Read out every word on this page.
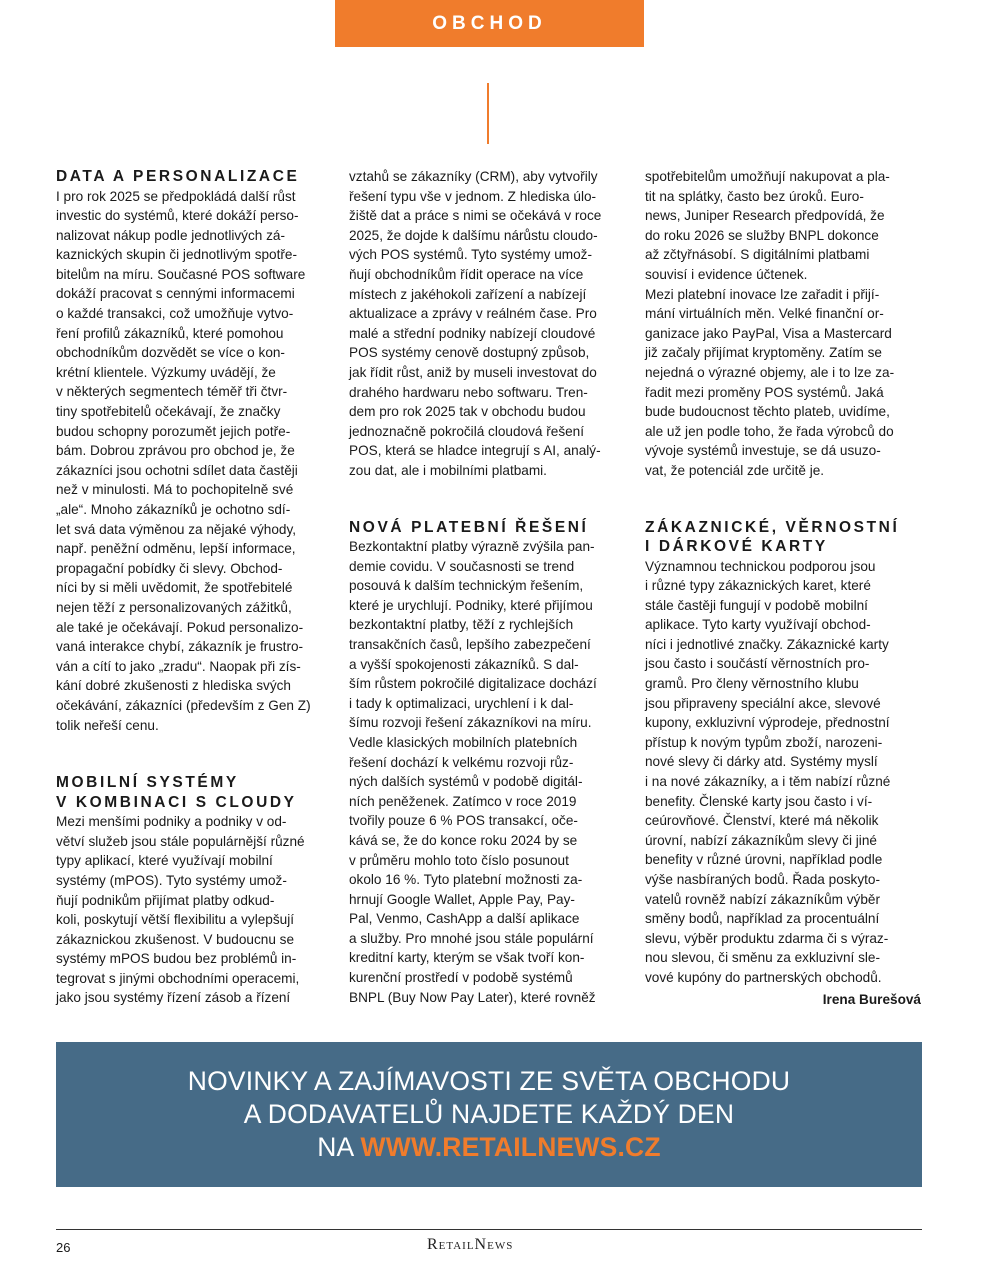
OBCHOD
DATA A PERSONALIZACE

I pro rok 2025 se předpokládá další růst
investic do systémů, které dokáží perso-
nalizovat nákup podle jednotlivých zá-
kaznických skupin či jednotlivým spotře-
bitelům na míru. Současné POS software
dokáží pracovat s cennými informacemi
o každé transakci, což umožňuje vytvo-
ření profilů zákazníků, které pomohou
obchodníkům dozvědět se více o kon-
krétní klientele. Výzkumy uvádějí, že
v některých segmentech téměř tři čtvr-
tiny spotřebitelů očekávají, že značky
budou schopny porozumět jejich potře-
bám. Dobrou zprávou pro obchod je, že
zákazníci jsou ochotni sdílet data častěji
než v minulosti. Má to pochopitelně své
„ale“. Mnoho zákazníků je ochotno sdí-
let svá data výměnou za nějaké výhody,
např. peněžní odměnu, lepší informace,
propagační pobídky či slevy. Obchod-
níci by si měli uvědomit, že spotřebitelé
nejen těží z personalizovaných zážitků,
ale také je očekávají. Pokud personalizo-
vaná interakce chybí, zákazník je frustro-
ván a cítí to jako „zradu“. Naopak při zís-
kání dobré zkušenosti z hlediska svých
očekávání, zákazníci (především z Gen Z)
tolik neřeší cenu.

MOBILNÍ SYSTÉMY
V KOMBINACI S CLOUDY

Mezi menšími podniky a podniky v od-
větví služeb jsou stále populárnější různé
typy aplikací, které využívají mobilní
systémy (mPOS). Tyto systémy umož-
ňují podnikům přijímat platby odkud-
koli, poskytují větší flexibilitu a vylepšují
zákaznickou zkušenost. V budoucnu se
systémy mPOS budou bez problémů in-
tegrovat s jinými obchodními operacemi,
jako jsou systémy řízení zásob a řízení

vztahů se zákazníky (CRM), aby vytvořily
řešení typu vše v jednom. Z hlediska úlo-
žiště dat a práce s nimi se očekává v roce
2025, že dojde k dalšímu nárůstu cloudo-
vých POS systémů. Tyto systémy umož-
ňují obchodníkům řídit operace na více
místech z jakéhokoli zařízení a nabízejí
aktualizace a zprávy v reálném čase. Pro
malé a střední podniky nabízejí cloudové
POS systémy cenově dostupný způsob,
jak řídit růst, aniž by museli investovat do
drahého hardwaru nebo softwaru. Tren-
dem pro rok 2025 tak v obchodu budou
jednoznačně pokročilá cloudová řešení
POS, která se hladce integrují s AI, analý-
zou dat, ale i mobilními platbami.

NOVÁ PLATEBNÍ ŘEŠENÍ

Bezkontaktní platby výrazně zvýšila pan-
demie covidu. V současnosti se trend
posouvá k dalším technickým řešením,
které je urychlují. Podniky, které přijímou
bezkontaktní platby, těží z rychlejších
transakčních časů, lepšího zabezpečení
a vyšší spokojenosti zákazníků. S dal-
ším růstem pokročilé digitalizace dochází
i tady k optimalizaci, urychlení i k dal-
šímu rozvoji řešení zákazníkovi na míru.
Vedle klasických mobilních platebních
řešení dochází k velkému rozvoji růz-
ných dalších systémů v podobě digitál-
ních peněženek. Zatímco v roce 2019
tvořily pouze 6 % POS transakcí, oče-
kává se, že do konce roku 2024 by se
v průměru mohlo toto číslo posunout
okolo 16 %. Tyto platební možnosti za-
hrnují Google Wallet, Apple Pay, Pay-
Pal, Venmo, CashApp a další aplikace
a služby. Pro mnohé jsou stále populární
kreditní karty, kterým se však tvoří kon-
kurenční prostředí v podobě systémů
BNPL (Buy Now Pay Later), které rovněž

spotřebitelům umožňují nakupovat a pla-
tit na splátky, často bez úroků. Euro-
news, Juniper Research předpovídá, že
do roku 2026 se služby BNPL dokonce
až zčtyřnásobí. S digitálními platbami
souvisí i evidence účtenek.

Mezi platební inovace lze zařadit i přijí-
mání virtuálních měn. Velké finanční or-
ganizace jako PayPal, Visa a Mastercard
již začaly přijímat kryptoměny. Zatím se
nejedná o výrazné objemy, ale i to lze za-
řadit mezi proměny POS systémů. Jaká
bude budoucnost těchto plateb, uvidíme,
ale už jen podle toho, že řada výrobců do
vývoje systémů investuje, se dá usuzo-
vat, že potenciál zde určitě je.

ZÁKAZNICKÉ, VĚRNOSTNÍ
I DÁRKOVÉ KARTY

Významnou technickou podporou jsou
i různé typy zákaznických karet, které
stále častěji fungují v podobě mobilní
aplikace. Tyto karty využívají obchod-
níci i jednotlivé značky. Zákaznické karty
jsou často i součástí věrnostních pro-
gramů. Pro členy věrnostního klubu
jsou připraveny speciální akce, slevové
kupony, exkluzivní výprodeje, přednostní
přístup k novým typům zboží, narozeni-
nové slevy či dárky atd. Systémy myslí
i na nové zákazníky, a i těm nabízí různé
benefity. Členské karty jsou často i ví-
ceúrovňové. Členství, které má několik
úrovní, nabízí zákazníkům slevy či jiné
benefity v různé úrovni, například podle
výše nasbíraných bodů. Řada poskyto-
vatelů rovněž nabízí zákazníkům výběr
směny bodů, například za procentuální
slevu, výběr produktu zdarma či s výraz-
nou slevou, či směnu za exkluzivní sle-
vové kupóny do partnerských obchodů.

Irena Burešová
NOVINKY A ZAJÍMAVOSTI ZE SVĚTA OBCHODU
A DODAVATELŮ NAJDETE KAŽDÝ DEN
NA WWW.RETAILNEWS.CZ
26	RetailNews
